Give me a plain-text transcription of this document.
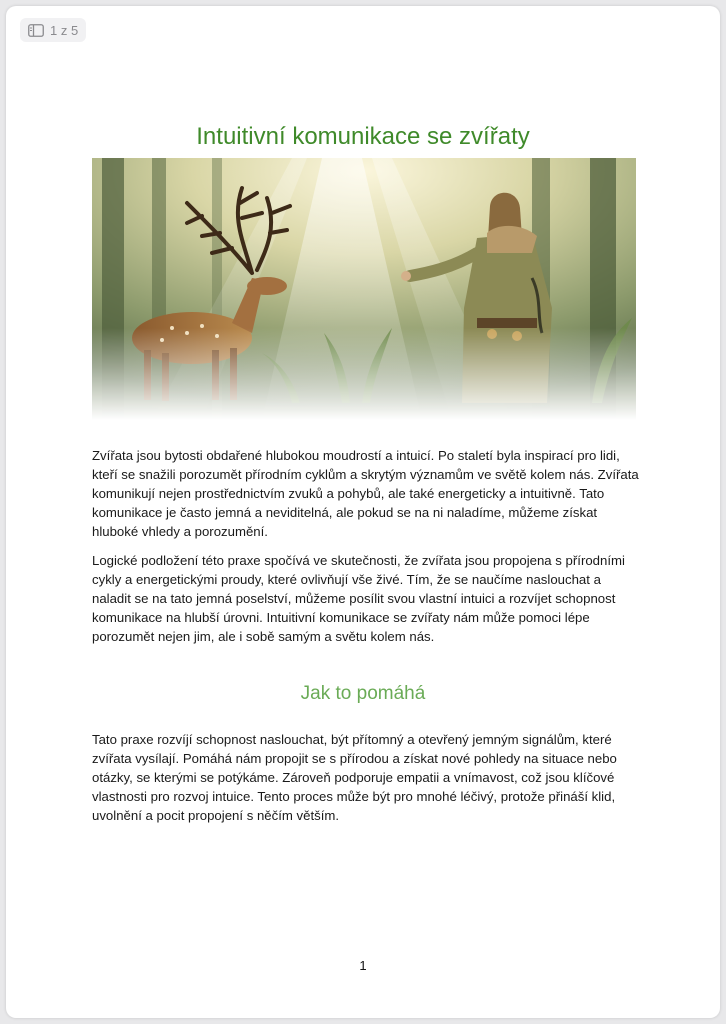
1 z 5
Intuitivní komunikace se zvířaty

Zvířata jsou bytosti obdařené hlubokou moudrostí a intuicí. Po staletí byla inspirací pro lidi, kteří se snažili porozumět přírodním cyklům a skrytým významům ve světě kolem nás. Zvířata komunikují nejen prostřednictvím zvuků a pohybů, ale také energeticky a intuitivně. Tato komunikace je často jemná a neviditelná, ale pokud se na ni naladíme, můžeme získat hluboké vhledy a porozumění.

Logické podložení této praxe spočívá ve skutečnosti, že zvířata jsou propojena s přírodními cykly a energetickými proudy, které ovlivňují vše živé. Tím, že se naučíme naslouchat a naladit se na tato jemná poselství, můžeme posílit svou vlastní intuici a rozvíjet schopnost komunikace na hlubší úrovni. Intuitivní komunikace se zvířaty nám může pomoci lépe porozumět nejen jim, ale i sobě samým a světu kolem nás.

Jak to pomáhá

Tato praxe rozvíjí schopnost naslouchat, být přítomný a otevřený jemným signálům, které zvířata vysílají. Pomáhá nám propojit se s přírodou a získat nové pohledy na situace nebo otázky, se kterými se potýkáme. Zároveň podporuje empatii a vnímavost, což jsou klíčové vlastnosti pro rozvoj intuice. Tento proces může být pro mnohé léčivý, protože přináší klid, uvolnění a pocit propojení s něčím větším.

1
